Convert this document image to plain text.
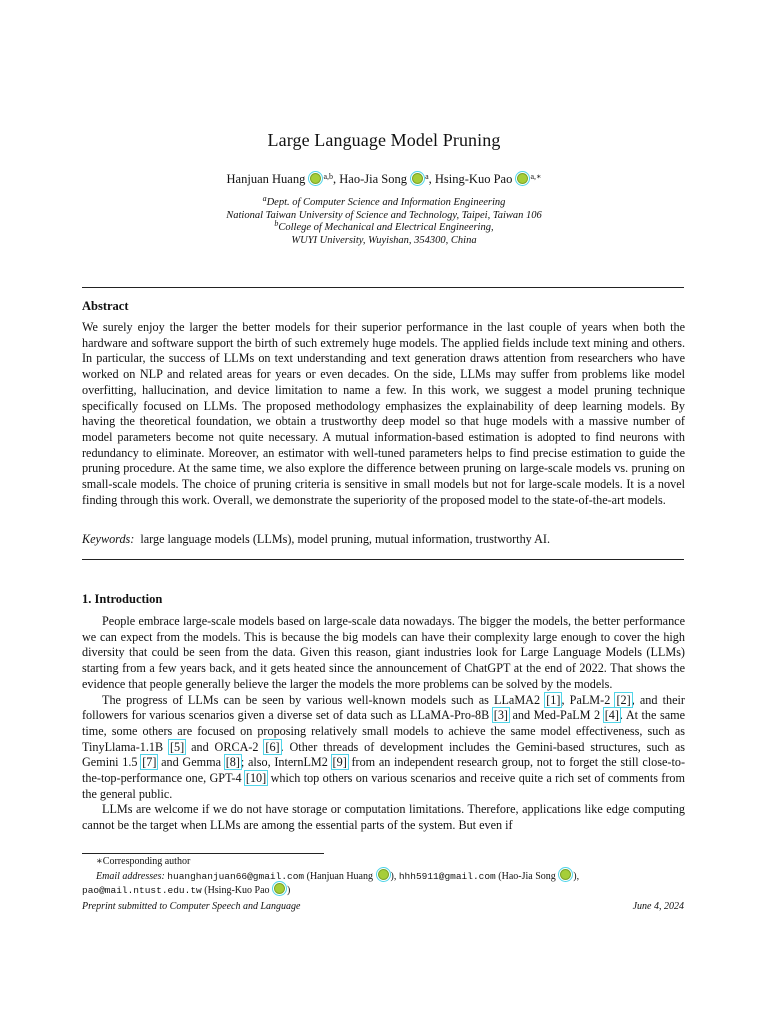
Large Language Model Pruning
Hanjuan Huang $^{a,b}$, Hao-Jia Song $^a$, Hsing-Kuo Pao $^{a,∗}$
$^a$Dept. of Computer Science and Information Engineering
National Taiwan University of Science and Technology, Taipei, Taiwan 106
$^b$College of Mechanical and Electrical Engineering,
WUYI University, Wuyishan, 354300, China
Abstract
We surely enjoy the larger the better models for their superior performance in the last couple of years when both the hardware and software support the birth of such extremely huge models. The applied fields include text mining and others. In particular, the success of LLMs on text understanding and text generation draws attention from researchers who have worked on NLP and related areas for years or even decades. On the side, LLMs may suffer from problems like model overfitting, hallucination, and device limitation to name a few. In this work, we suggest a model pruning technique specifically focused on LLMs. The proposed methodology emphasizes the explainability of deep learning models. By having the theoretical foundation, we obtain a trustworthy deep model so that huge models with a massive number of model parameters become not quite necessary. A mutual information-based estimation is adopted to find neurons with redundancy to eliminate. Moreover, an estimator with well-tuned parameters helps to find precise estimation to guide the pruning procedure. At the same time, we also explore the difference between pruning on large-scale models vs. pruning on small-scale models. The choice of pruning criteria is sensitive in small models but not for large-scale models. It is a novel finding through this work. Overall, we demonstrate the superiority of the proposed model to the state-of-the-art models.
Keywords: large language models (LLMs), model pruning, mutual information, trustworthy AI.
1. Introduction

People embrace large-scale models based on large-scale data nowadays. The bigger the models, the better performance we can expect from the models. This is because the big models can have their complexity large enough to cover the high diversity that could be seen from the data. Given this reason, giant industries look for Large Language Models (LLMs) starting from a few years back, and it gets heated since the announcement of ChatGPT at the end of 2022. That shows the evidence that people generally believe the larger the models the more problems can be solved by the models.

The progress of LLMs can be seen by various well-known models such as LLaMA2 [1], PaLM-2 [2], and their followers for various scenarios given a diverse set of data such as LLaMA-Pro-8B [3] and Med-PaLM 2 [4]. At the same time, some others are focused on proposing relatively small models to achieve the same model effectiveness, such as TinyLlama-1.1B [5] and ORCA-2 [6]. Other threads of development includes the Gemini-based structures, such as Gemini 1.5 [7] and Gemma [8]; also, InternLM2 [9] from an independent research group, not to forget the still close-to-the-top-performance one, GPT-4 [10] which top others on various scenarios and receive quite a rich set of comments from the general public.

LLMs are welcome if we do not have storage or computation limitations. Therefore, applications like edge computing cannot be the target when LLMs are among the essential parts of the system. But even if

∗Corresponding author
Email addresses: huanghanjuan66@gmail.com (Hanjuan Huang ), hhh5911@gmail.com (Hao-Jia Song ),
pao@mail.ntust.edu.tw (Hsing-Kuo Pao )
Preprint submitted to Computer Speech and Language	June 4, 2024
